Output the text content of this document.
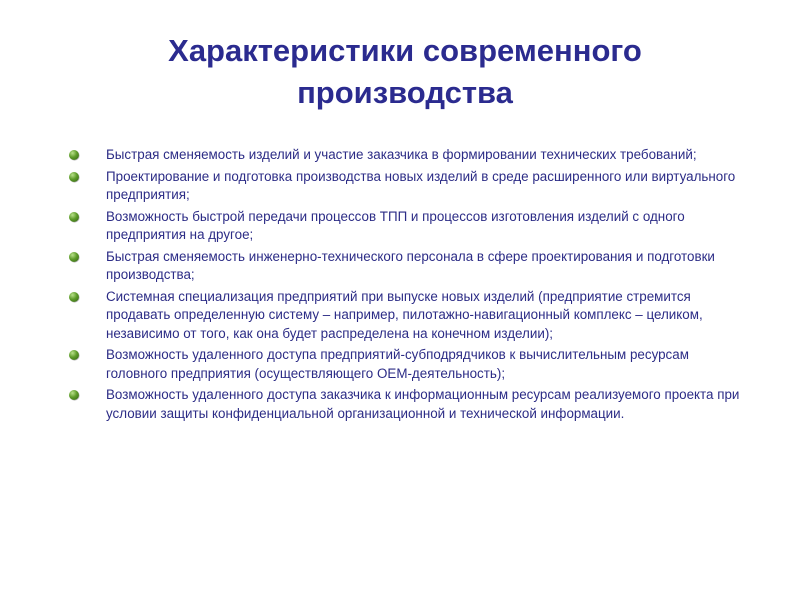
Характеристики современного
производства
Быстрая сменяемость изделий и участие заказчика в формировании технических требований;
Проектирование и подготовка производства новых изделий в среде расширенного или виртуального предприятия;
Возможность быстрой передачи процессов ТПП и процессов изготовления изделий с одного предприятия на другое;
Быстрая сменяемость инженерно-технического персонала в сфере проектирования и подготовки производства;
Системная специализация предприятий при выпуске новых изделий (предприятие стремится продавать определенную систему – например, пилотажно-навигационный комплекс – целиком, независимо от того, как она будет распределена на конечном изделии);
Возможность удаленного доступа предприятий-субподрядчиков к вычислительным ресурсам головного предприятия (осуществляющего OEM-деятельность);
Возможность удаленного доступа заказчика к информационным ресурсам реализуемого проекта при условии защиты конфиденциальной организационной и технической информации.
